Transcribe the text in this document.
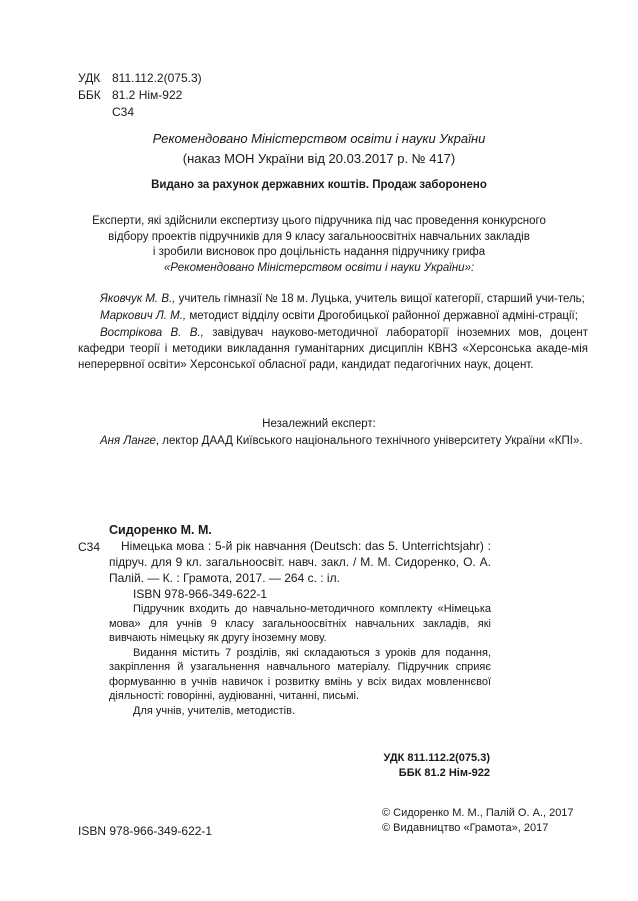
УДК 811.112.2(075.3)
ББК 81.2 Нім-922
С34
Рекомендовано Міністерством освіти і науки України
(наказ МОН України від 20.03.2017 р. № 417)
Видано за рахунок державних коштів. Продаж заборонено
Експерти, які здійснили експертизу цього підручника під час проведення конкурсного
відбору проектів підручників для 9 класу загальноосвітніх навчальних закладів
і зробили висновок про доцільність надання підручнику грифа
«Рекомендовано Міністерством освіти і науки України»:

Яковчук М. В., учитель гімназії № 18 м. Луцька, учитель вищої категорії, старший учи-тель;

Маркович Л. М., методист відділу освіти Дрогобицької районної державної адміні-страції;

Вострікова В. В., завідувач науково-методичної лабораторії іноземних мов, доцент кафедри теорії і методики викладання гуманітарних дисциплін КВНЗ «Херсонська акаде-мія неперервної освіти» Херсонської обласної ради, кандидат педагогічних наук, доцент.

Незалежний експерт:

Аня Ланге, лектор ДААД Київського національного технічного університету України «КПІ».

С34
Сидоренко М. М.
Німецька мова : 5-й рік навчання (Deutsch: das 5. Unterrichtsjahr) : підруч. для 9 кл. загальноосвіт. навч. закл. / М. М. Сидоренко, О. А. Палій. — К. : Грамота, 2017. — 264 с. : іл.
ISBN 978-966-349-622-1
Підручник входить до навчально-методичного комплекту «Німецька мова» для учнів 9 класу загальноосвітніх навчальних закладів, які вивчають німецьку як другу іноземну мову.
Видання містить 7 розділів, які складаються з уроків для подання, закріплення й узагальнення навчального матеріалу. Підручник сприяє формуванню в учнів навичок і розвитку вмінь у всіх видах мовленнєвої діяльності: говорінні, аудіюванні, читанні, письмі.
Для учнів, учителів, методистів.
УДК 811.112.2(075.3)
ББК 81.2 Нім-922
ISBN 978-966-349-622-1
© Сидоренко М. М., Палій О. А., 2017
© Видавництво «Грамота», 2017
